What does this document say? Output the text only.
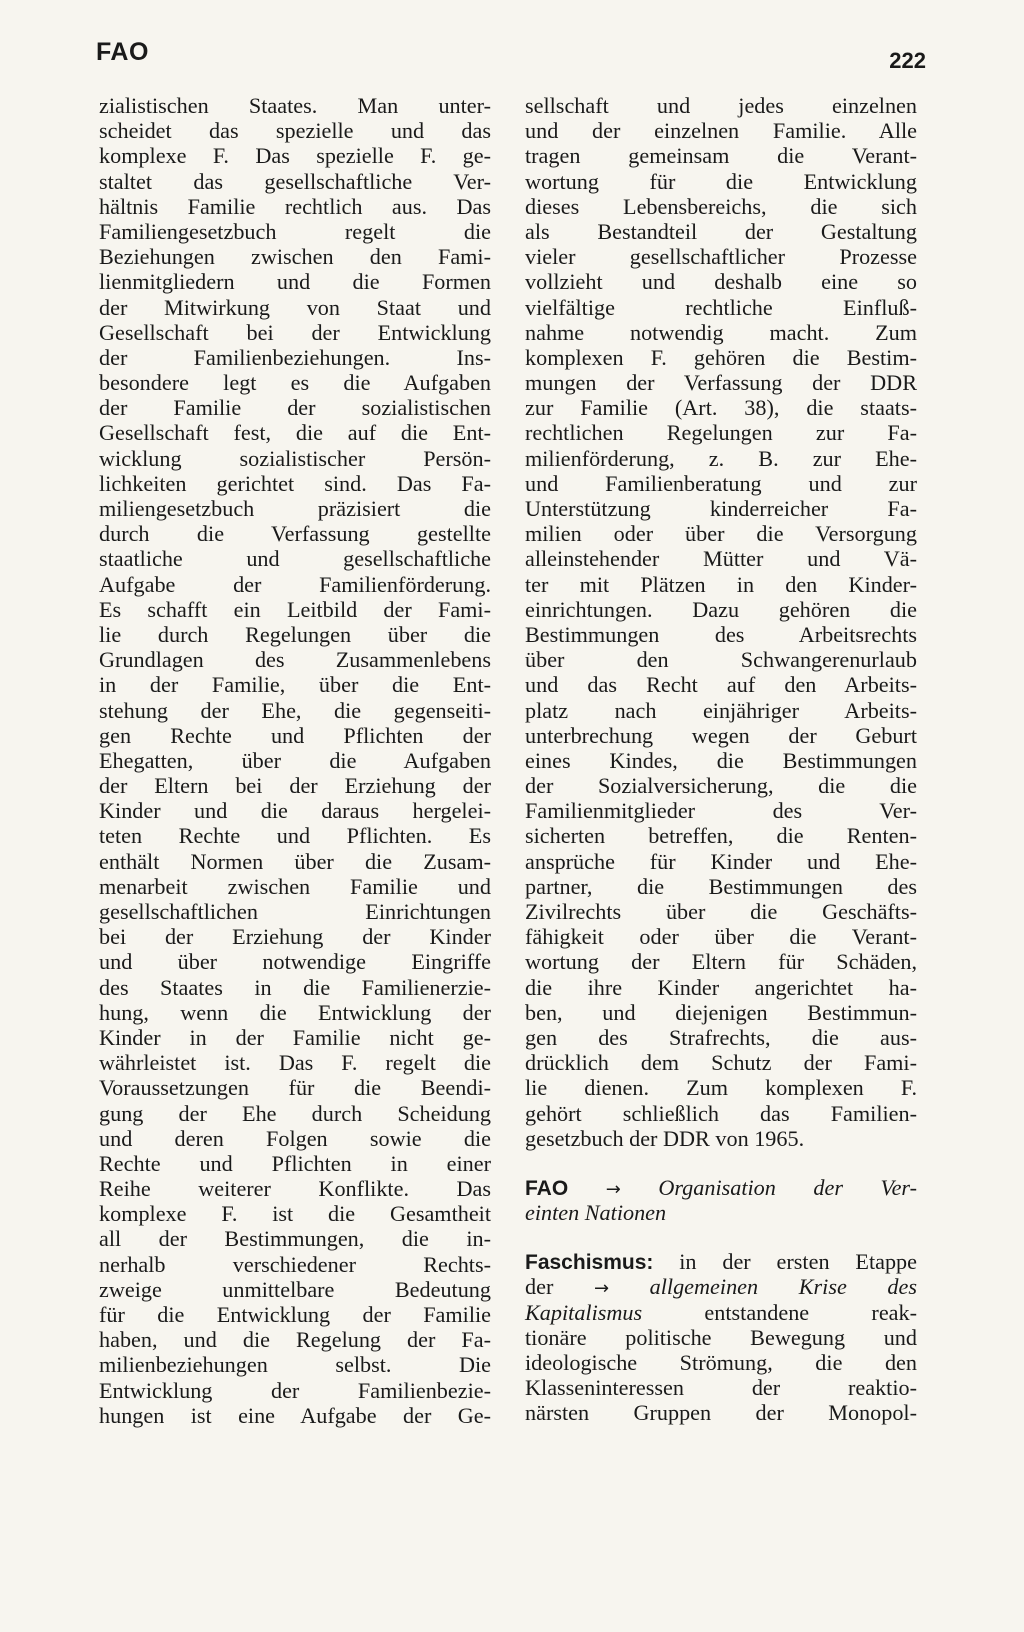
FAO	222
zialistischen Staates. Man unter-
scheidet das spezielle und das
komplexe F. Das spezielle F. ge-
staltet das gesellschaftliche Ver-
hältnis Familie rechtlich aus. Das
Familiengesetzbuch regelt die
Beziehungen zwischen den Fami-
lienmitgliedern und die Formen
der Mitwirkung von Staat und
Gesellschaft bei der Entwicklung
der Familienbeziehungen. Ins-
besondere legt es die Aufgaben
der Familie der sozialistischen
Gesellschaft fest, die auf die Ent-
wicklung sozialistischer Persön-
lichkeiten gerichtet sind. Das Fa-
miliengesetzbuch präzisiert die
durch die Verfassung gestellte
staatliche und gesellschaftliche
Aufgabe der Familienförderung.
Es schafft ein Leitbild der Fami-
lie durch Regelungen über die
Grundlagen des Zusammenlebens
in der Familie, über die Ent-
stehung der Ehe, die gegenseiti-
gen Rechte und Pflichten der
Ehegatten, über die Aufgaben
der Eltern bei der Erziehung der
Kinder und die daraus hergelei-
teten Rechte und Pflichten. Es
enthält Normen über die Zusam-
menarbeit zwischen Familie und
gesellschaftlichen Einrichtungen
bei der Erziehung der Kinder
und über notwendige Eingriffe
des Staates in die Familienerzie-
hung, wenn die Entwicklung der
Kinder in der Familie nicht ge-
währleistet ist. Das F. regelt die
Voraussetzungen für die Beendi-
gung der Ehe durch Scheidung
und deren Folgen sowie die
Rechte und Pflichten in einer
Reihe weiterer Konflikte. Das
komplexe F. ist die Gesamtheit
all der Bestimmungen, die in-
nerhalb verschiedener Rechts-
zweige unmittelbare Bedeutung
für die Entwicklung der Familie
haben, und die Regelung der Fa-
milienbeziehungen selbst. Die
Entwicklung der Familienbezie-
hungen ist eine Aufgabe der Ge-
sellschaft und jedes einzelnen
und der einzelnen Familie. Alle
tragen gemeinsam die Verant-
wortung für die Entwicklung
dieses Lebensbereichs, die sich
als Bestandteil der Gestaltung
vieler gesellschaftlicher Prozesse
vollzieht und deshalb eine so
vielfältige rechtliche Einfluß-
nahme notwendig macht. Zum
komplexen F. gehören die Bestim-
mungen der Verfassung der DDR
zur Familie (Art. 38), die staats-
rechtlichen Regelungen zur Fa-
milienförderung, z. B. zur Ehe-
und Familienberatung und zur
Unterstützung kinderreicher Fa-
milien oder über die Versorgung
alleinstehender Mütter und Vä-
ter mit Plätzen in den Kinder-
einrichtungen. Dazu gehören die
Bestimmungen des Arbeitsrechts
über den Schwangerenurlaub
und das Recht auf den Arbeits-
platz nach einjähriger Arbeits-
unterbrechung wegen der Geburt
eines Kindes, die Bestimmungen
der Sozialversicherung, die die
Familienmitglieder des Ver-
sicherten betreffen, die Renten-
ansprüche für Kinder und Ehe-
partner, die Bestimmungen des
Zivilrechts über die Geschäfts-
fähigkeit oder über die Verant-
wortung der Eltern für Schäden,
die ihre Kinder angerichtet ha-
ben, und diejenigen Bestimmun-
gen des Strafrechts, die aus-
drücklich dem Schutz der Fami-
lie dienen. Zum komplexen F.
gehört schließlich das Familien-
gesetzbuch der DDR von 1965.
FAO → Organisation der Ver-
einten Nationen
Faschismus: in der ersten Etappe
der → allgemeinen Krise des
Kapitalismus entstandene reak-
tionäre politische Bewegung und
ideologische Strömung, die den
Klasseninteressen der reaktio-
närsten Gruppen der Monopol-
